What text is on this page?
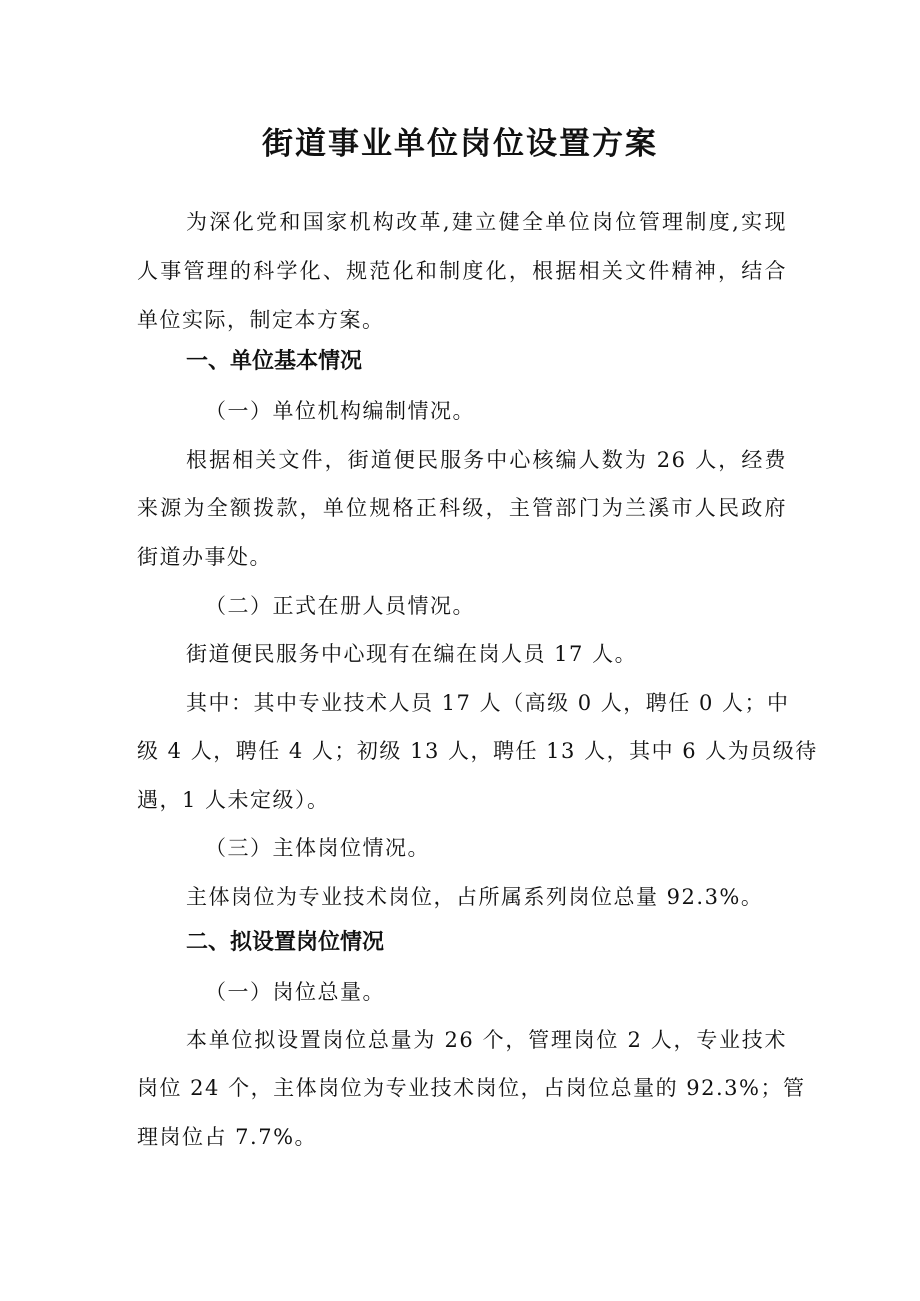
街道事业单位岗位设置方案
为深化党和国家机构改革,建立健全单位岗位管理制度,实现
人事管理的科学化、规范化和制度化，根据相关文件精神，结合
单位实际，制定本方案。
一、单位基本情况
（一）单位机构编制情况。
根据相关文件，街道便民服务中心核编人数为 26 人，经费
来源为全额拨款，单位规格正科级，主管部门为兰溪市人民政府
街道办事处。
（二）正式在册人员情况。
街道便民服务中心现有在编在岗人员 17 人。
其中：其中专业技术人员 17 人（高级 0 人，聘任 0 人；中
级 4 人，聘任 4 人；初级 13 人，聘任 13 人，其中 6 人为员级待
遇，1 人未定级）。
（三）主体岗位情况。
主体岗位为专业技术岗位，占所属系列岗位总量 92.3%。
二、拟设置岗位情况
（一）岗位总量。
本单位拟设置岗位总量为 26 个，管理岗位 2 人，专业技术
岗位 24 个，主体岗位为专业技术岗位，占岗位总量的 92.3%；管
理岗位占 7.7%。
